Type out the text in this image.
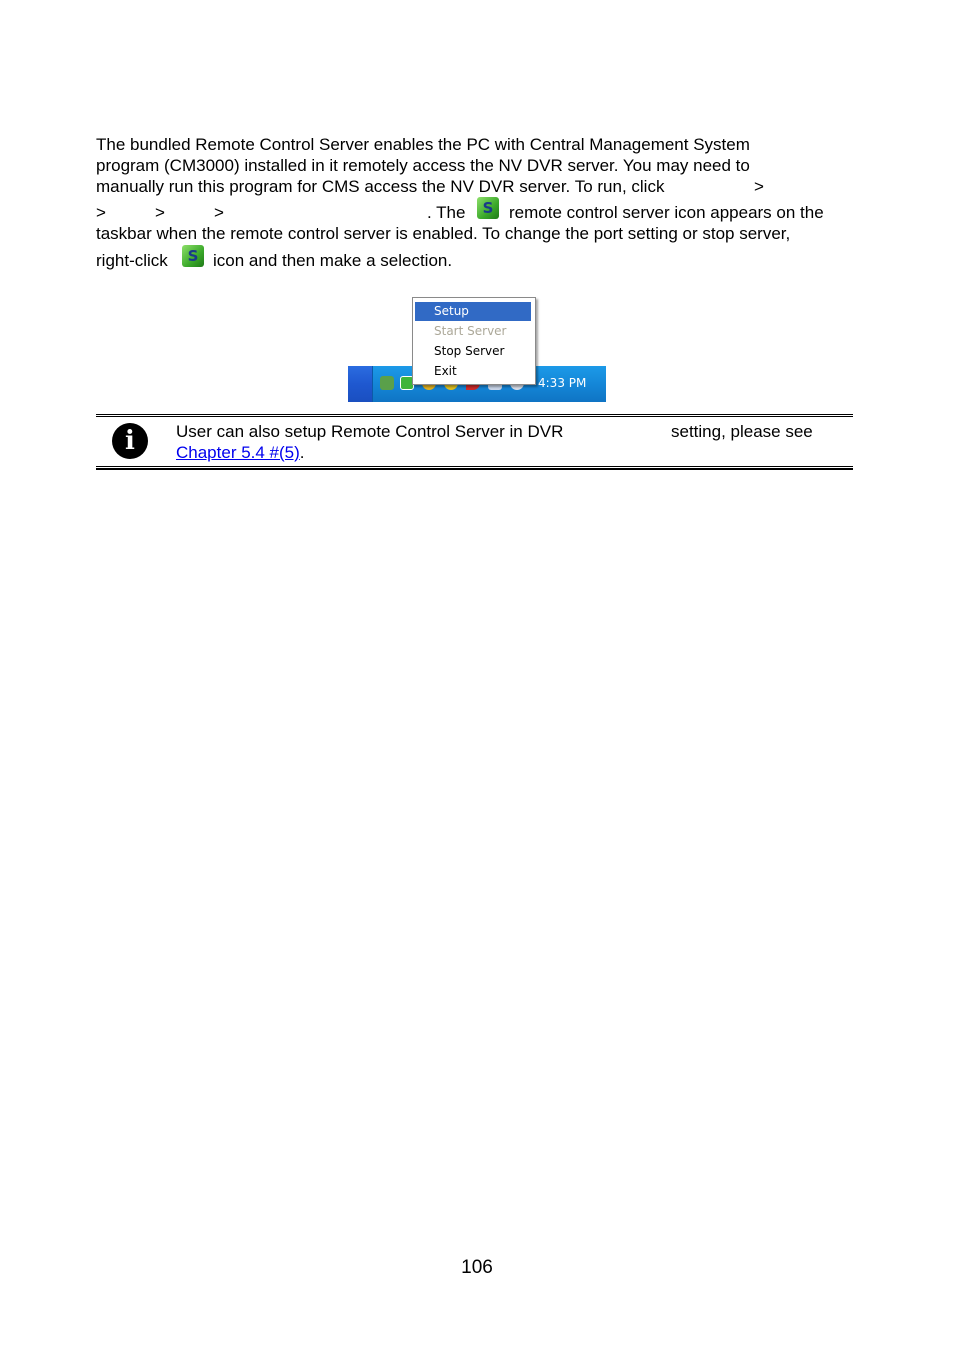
The bundled Remote Control Server enables the PC with Central Management System
program (CM3000) installed in it remotely access the NV DVR server. You may need to
manually run this program for CMS access the NV DVR server. To run, click	>
>	>	>	. The S remote control server icon appears on the
taskbar when the remote control server is enabled. To change the port setting or stop server,
right-click S icon and then make a selection.
4:33 PM
Setup
Start Server
Stop Server
Exit
i User can also setup Remote Control Server in DVR	setting, please see
Chapter 5.4 #(5).
106
